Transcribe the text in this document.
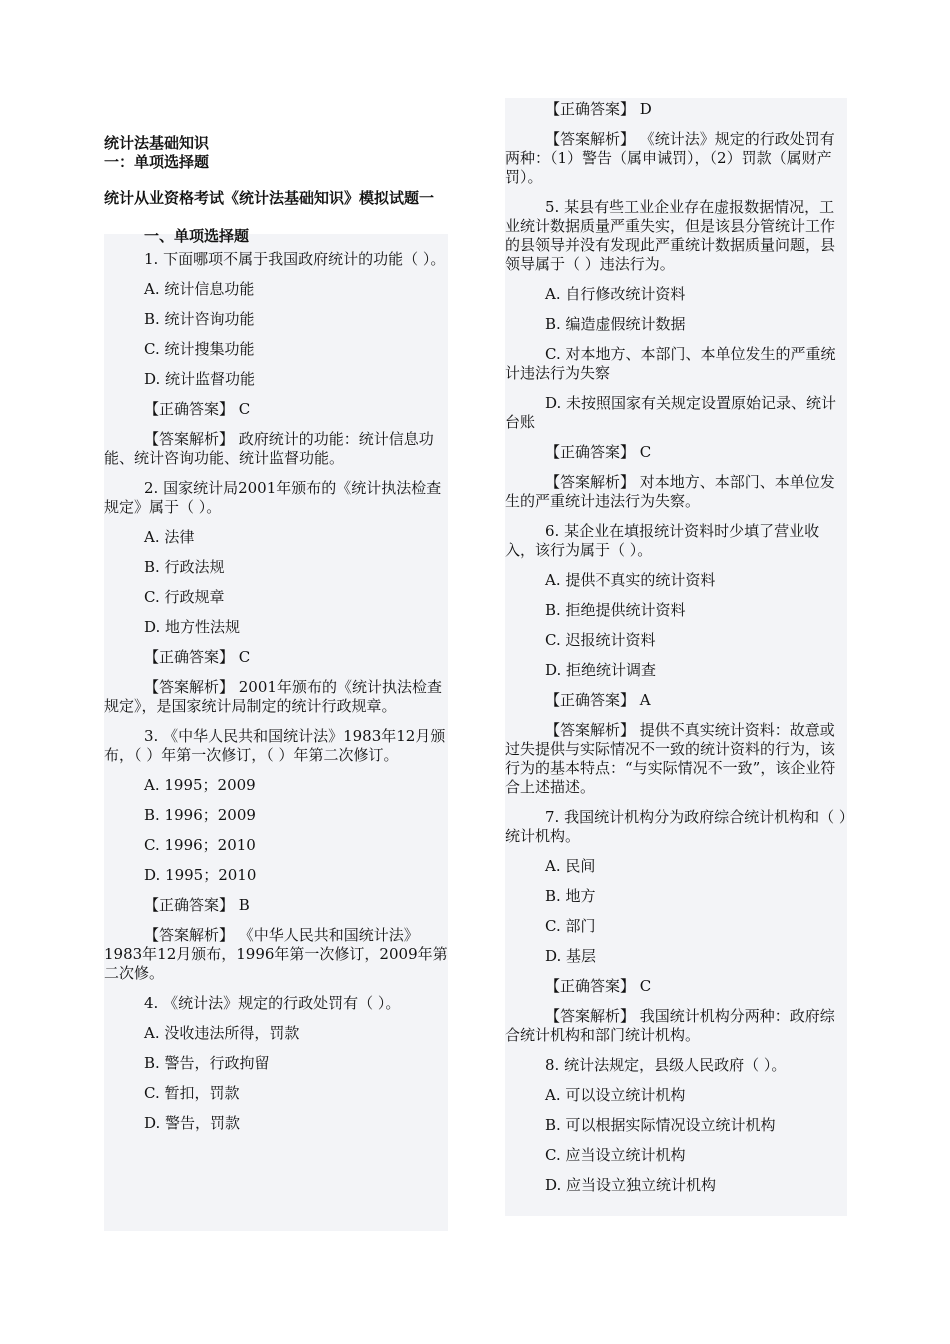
统计法基础知识

一：单项选择题

统计从业资格考试《统计法基础知识》模拟试题一

一、单项选择题

1. 下面哪项不属于我国政府统计的功能（ ）。

A. 统计信息功能

B. 统计咨询功能

C. 统计搜集功能

D. 统计监督功能

【正确答案】 C

【答案解析】 政府统计的功能：统计信息功能、统计咨询功能、统计监督功能。

2. 国家统计局2001年颁布的《统计执法检查规定》属于（ ）。

A. 法律

B. 行政法规

C. 行政规章

D. 地方性法规

【正确答案】 C

【答案解析】 2001年颁布的《统计执法检查规定》，是国家统计局制定的统计行政规章。

3. 《中华人民共和国统计法》1983年12月颁布，（ ）年第一次修订，（ ）年第二次修订。

A. 1995；2009

B. 1996；2009

C. 1996；2010

D. 1995；2010

【正确答案】 B

【答案解析】 《中华人民共和国统计法》1983年12月颁布，1996年第一次修订，2009年第二次修。

4. 《统计法》规定的行政处罚有（ ）。

A. 没收违法所得，罚款

B. 警告，行政拘留

C. 暂扣，罚款

D. 警告，罚款

【正确答案】 D

【答案解析】 《统计法》规定的行政处罚有两种：（1）警告（属申诫罚），（2）罚款（属财产罚）。

5. 某县有些工业企业存在虚报数据情况，工业统计数据质量严重失实，但是该县分管统计工作的县领导并没有发现此严重统计数据质量问题，县领导属于（ ）违法行为。

A. 自行修改统计资料

B. 编造虚假统计数据

C. 对本地方、本部门、本单位发生的严重统计违法行为失察

D. 未按照国家有关规定设置原始记录、统计台账

【正确答案】 C

【答案解析】 对本地方、本部门、本单位发生的严重统计违法行为失察。

6. 某企业在填报统计资料时少填了营业收入，该行为属于（ ）。

A. 提供不真实的统计资料

B. 拒绝提供统计资料

C. 迟报统计资料

D. 拒绝统计调查

【正确答案】 A

【答案解析】 提供不真实统计资料：故意或过失提供与实际情况不一致的统计资料的行为，该行为的基本特点：“与实际情况不一致”，该企业符合上述描述。

7. 我国统计机构分为政府综合统计机构和（ ）统计机构。

A. 民间

B. 地方

C. 部门

D. 基层

【正确答案】 C

【答案解析】 我国统计机构分两种：政府综合统计机构和部门统计机构。

8. 统计法规定，县级人民政府（ ）。

A. 可以设立统计机构

B. 可以根据实际情况设立统计机构

C. 应当设立统计机构

D. 应当设立独立统计机构
